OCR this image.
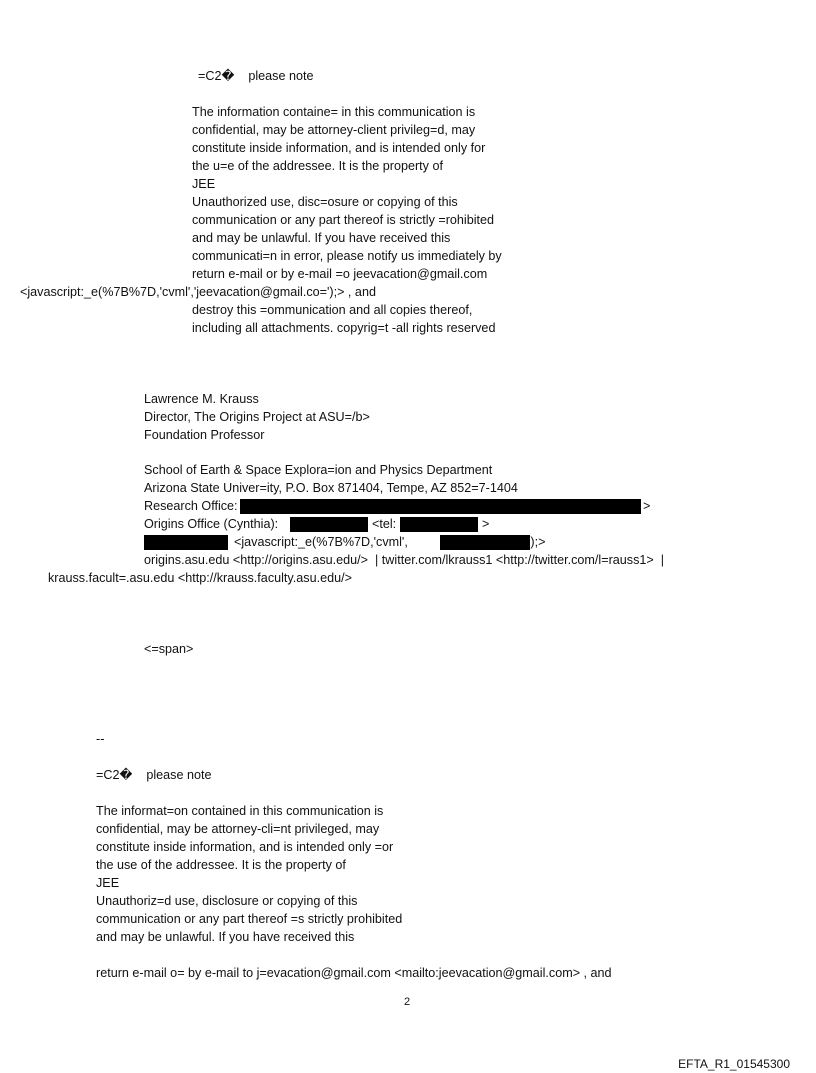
=C2�    please note
The information containe= in this communication is
confidential, may be attorney-client privileg=d, may
constitute inside information, and is intended only for
the u=e of the addressee. It is the property of
JEE
Unauthorized use, disc=osure or copying of this
communication or any part thereof is strictly =rohibited
and may be unlawful. If you have received this
communicati=n in error, please notify us immediately by
return e-mail or by e-mail =o jeevacation@gmail.com
<javascript:_e(%7B%7D,'cvml','jeevacation@gmail.co=');> , and
destroy this =ommunication and all copies thereof,
including all attachments. copyrig=t -all rights reserved
Lawrence M. Krauss
Director, The Origins Project at ASU=/b>
Foundation Professor
School of Earth & Space Explora=ion and Physics Department
Arizona State Univer=ity, P.O. Box 871404, Tempe, AZ 852=7-1404
Research Office:	>
Origins Office (Cynthia):	<tel:	>
<javascript:_e(%7B%7D,'cvml',	');>
origins.asu.edu <http://origins.asu.edu/>  | twitter.com/lkrauss1 <http://twitter.com/l=rauss1>  |
krauss.facult=.asu.edu <http://krauss.faculty.asu.edu/>
<=span>
--
=C2�    please note
The informat=on contained in this communication is
confidential, may be attorney-cli=nt privileged, may
constitute inside information, and is intended only =or
the use of the addressee. It is the property of
JEE
Unauthoriz=d use, disclosure or copying of this
communication or any part thereof =s strictly prohibited
and may be unlawful. If you have received this
return e-mail o= by e-mail to j=evacation@gmail.com <mailto:jeevacation@gmail.com> , and
2
EFTA_R1_01545300
